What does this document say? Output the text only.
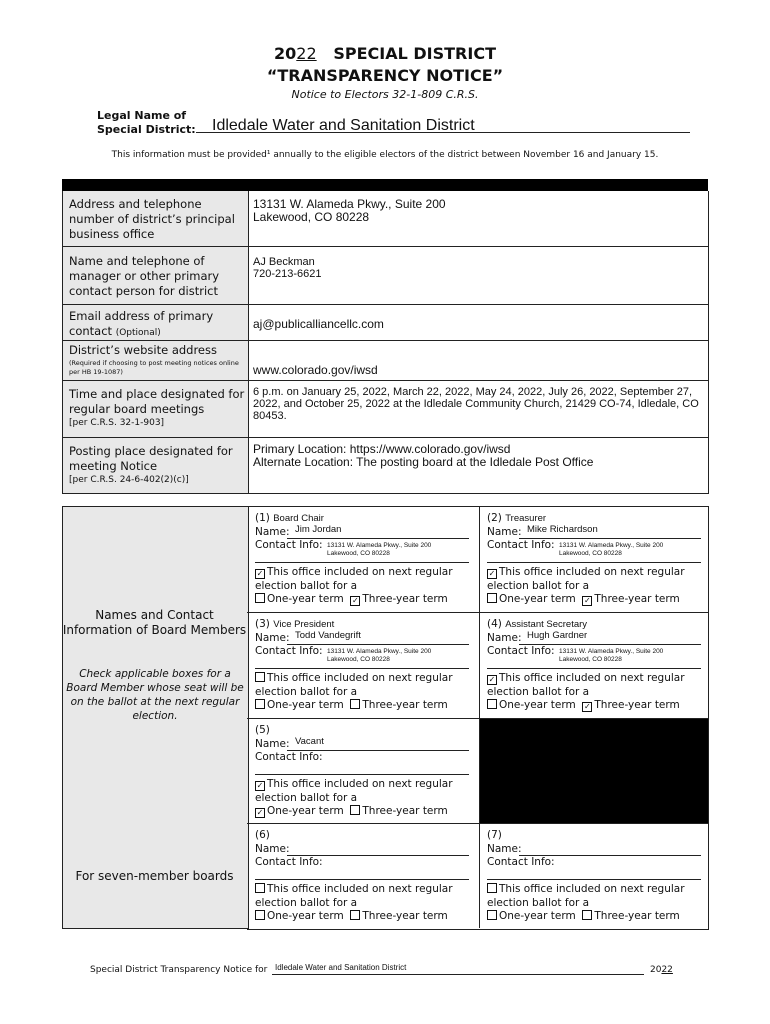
2022 SPECIAL DISTRICT
“TRANSPARENCY NOTICE”
Notice to Electors 32-1-809 C.R.S.
Legal Name of
Special District: Idledale Water and Sanitation District
This information must be provided¹ annually to the eligible electors of the district between November 16 and January 15.
Address and telephone number of district’s principal business office
13131 W. Alameda Pkwy., Suite 200
Lakewood, CO 80228
Name and telephone of manager or other primary contact person for district
AJ Beckman
720-213-6621
Email address of primary contact (Optional)
aj@publicalliancellc.com
District’s website address
(Required if choosing to post meeting notices online per HB 19-1087)	www.colorado.gov/iwsd
Time and place designated for regular board meetings
[per C.R.S. 32-1-903]
6 p.m. on January 25, 2022, March 22, 2022, May 24, 2022, July 26, 2022, September 27, 2022, and October 25, 2022 at the Idledale Community Church, 21429 CO-74, Idledale, CO 80453.
Posting place designated for meeting Notice
[per C.R.S. 24-6-402(2)(c)]
Primary Location: https://www.colorado.gov/iwsd
Alternate Location: The posting board at the Idledale Post Office
Names and Contact Information of Board Members
Check applicable boxes for a Board Member whose seat will be on the ballot at the next regular election.
For seven-member boards
(1) Board Chair
Name: Jim Jordan
Contact Info: 13131 W. Alameda Pkwy., Suite 200
Lakewood, CO 80228
✓ This office included on next regular
election ballot for a
One-year term ✓ Three-year term
(2) Treasurer
Name: Mike Richardson
Contact Info: 13131 W. Alameda Pkwy., Suite 200
Lakewood, CO 80228
✓ This office included on next regular
election ballot for a
One-year term ✓ Three-year term
(3) Vice President
Name: Todd Vandegrift
Contact Info: 13131 W. Alameda Pkwy., Suite 200
Lakewood, CO 80228
This office included on next regular
election ballot for a
One-year term Three-year term
(4) Assistant Secretary
Name: Hugh Gardner
Contact Info: 13131 W. Alameda Pkwy., Suite 200
Lakewood, CO 80228
✓ This office included on next regular
election ballot for a
One-year term ✓ Three-year term
(5)
Name: Vacant
Contact Info:
✓ This office included on next regular
election ballot for a
✓ One-year term Three-year term
(6)
Name:
Contact Info:
This office included on next regular
election ballot for a
One-year term Three-year term
(7)
Name:
Contact Info:
This office included on next regular
election ballot for a
One-year term Three-year term
Special District Transparency Notice for Idledale Water and Sanitation District	2022
